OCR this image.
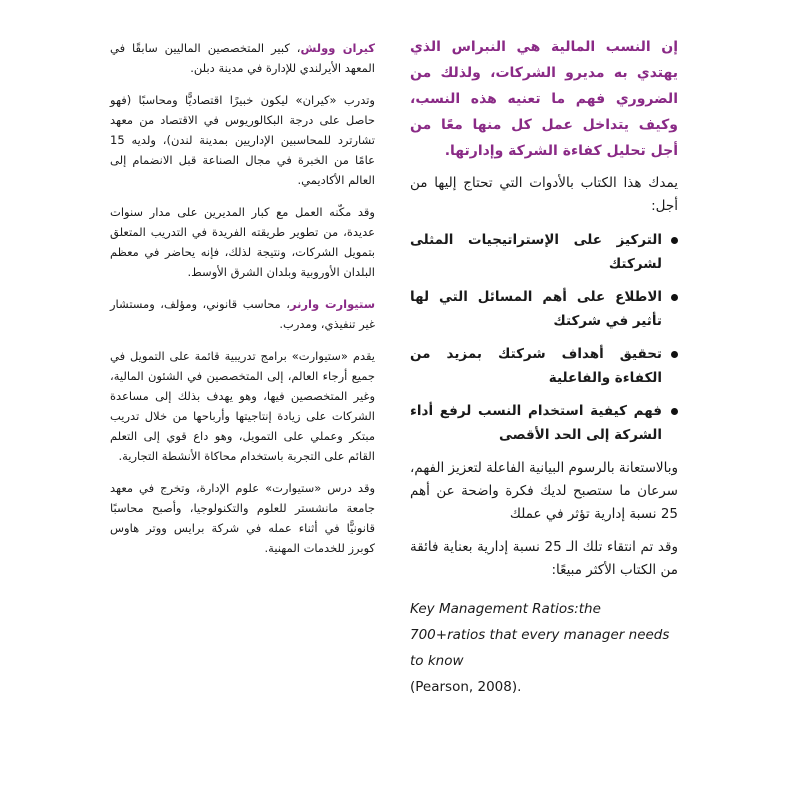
إن النسب المالية هي النبراس الذي يهتدي به مديرو الشركات، ولذلك من الضروري فهم ما تعنيه هذه النسب، وكيف يتداخل عمل كل منها معًا من أجل تحليل كفاءة الشركة وإدارتها.

يمدك هذا الكتاب بالأدوات التي تحتاج إليها من أجل:

التركيز على الإستراتيجيات المثلى لشركتك
الاطلاع على أهم المسائل التي لها تأثير في شركتك
تحقيق أهداف شركتك بمزيد من الكفاءة والفاعلية
فهم كيفية استخدام النسب لرفع أداء الشركة إلى الحد الأقصى

وبالاستعانة بالرسوم البيانية الفاعلة لتعزيز الفهم، سرعان ما ستصبح لديك فكرة واضحة عن أهم 25 نسبة إدارية تؤثر في عملك

وقد تم انتقاء تلك الـ 25 نسبة إدارية بعناية فائقة من الكتاب الأكثر مبيعًا:

Key Management Ratios:the 700+ratios that every manager needs to know
(Pearson, 2008).

كيران وولش، كبير المتخصصين الماليين سابقًا في المعهد الأيرلندي للإدارة في مدينة دبلن.

وتدرب «كيران» ليكون خبيرًا اقتصاديًّا ومحاسبًا (فهو حاصل على درجة البكالوريوس في الاقتصاد من معهد تشارترد للمحاسبين الإداريين بمدينة لندن)، ولديه 15 عامًا من الخبرة في مجال الصناعة قبل الانضمام إلى العالم الأكاديمي.

وقد مكّنه العمل مع كبار المديرين على مدار سنوات عديدة، من تطوير طريقته الفريدة في التدريب المتعلق بتمويل الشركات، ونتيجة لذلك، فإنه يحاضر في معظم البلدان الأوروبية وبلدان الشرق الأوسط.

ستيوارت وارنر، محاسب قانوني، ومؤلف، ومستشار غير تنفيذي، ومدرب.

يقدم «ستيوارت» برامج تدريبية قائمة على التمويل في جميع أرجاء العالم، إلى المتخصصين في الشئون المالية، وغير المتخصصين فيها، وهو يهدف بذلك إلى مساعدة الشركات على زيادة إنتاجيتها وأرباحها من خلال تدريب مبتكر وعملي على التمويل، وهو داع قوي إلى التعلم القائم على التجربة باستخدام محاكاة الأنشطة التجارية.

وقد درس «ستيوارت» علوم الإدارة، وتخرج في معهد جامعة مانشستر للعلوم والتكنولوجيا، وأصبح محاسبًا قانونيًّا في أثناء عمله في شركة برايس ووتر هاوس كوبرز للخدمات المهنية.
